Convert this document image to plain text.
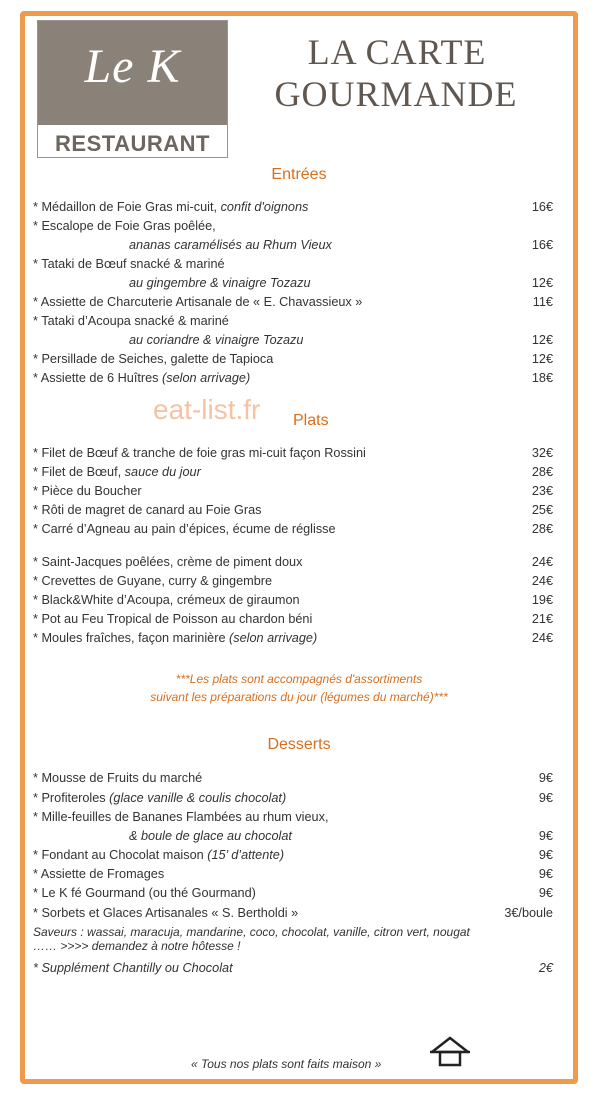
Le K
RESTAURANT
LA CARTE
GOURMANDE
Entrées
eat-list.fr Plats
***Les plats sont accompagnés d'assortiments
suivant les préparations du jour (légumes du marché)***
Desserts
* Médaillon de Foie Gras mi-cuit, confit d'oignons	16€
* Escalope de Foie Gras poêlée,
ananas caramélisés au Rhum Vieux	16€
* Tataki de Bœuf snacké & mariné
au gingembre & vinaigre Tozazu	12€
* Assiette de Charcuterie Artisanale de « E. Chavassieux »	11€
* Tataki d’Acoupa snacké & mariné
au coriandre & vinaigre Tozazu	12€
* Persillade de Seiches, galette de Tapioca	12€
* Assiette de 6 Huîtres (selon arrivage)	18€
* Filet de Bœuf & tranche de foie gras mi-cuit façon Rossini	32€
* Filet de Bœuf, sauce du jour	28€
* Pièce du Boucher	23€
* Rôti de magret de canard au Foie Gras	25€
* Carré d’Agneau au pain d’épices, écume de réglisse	28€
* Saint-Jacques poêlées, crème de piment doux	24€
* Crevettes de Guyane, curry & gingembre	24€
* Black&White d’Acoupa, crémeux de giraumon	19€
* Pot au Feu Tropical de Poisson au chardon béni	21€
* Moules fraîches, façon marinière (selon arrivage)	24€
* Mousse de Fruits du marché	9€
* Profiteroles (glace vanille & coulis chocolat)	9€
* Mille-feuilles de Bananes Flambées au rhum vieux,
& boule de glace au chocolat	9€
* Fondant au Chocolat maison (15’ d’attente)	9€
* Assiette de Fromages	9€
* Le K fé Gourmand (ou thé Gourmand)	9€
* Sorbets et Glaces Artisanales « S. Bertholdi »	3€/boule
Saveurs : wassai, maracuja, mandarine, coco, chocolat, vanille, citron vert, nougat
…… >>>> demandez à notre hôtesse !
* Supplément Chantilly ou Chocolat	2€
« Tous nos plats sont faits maison »
